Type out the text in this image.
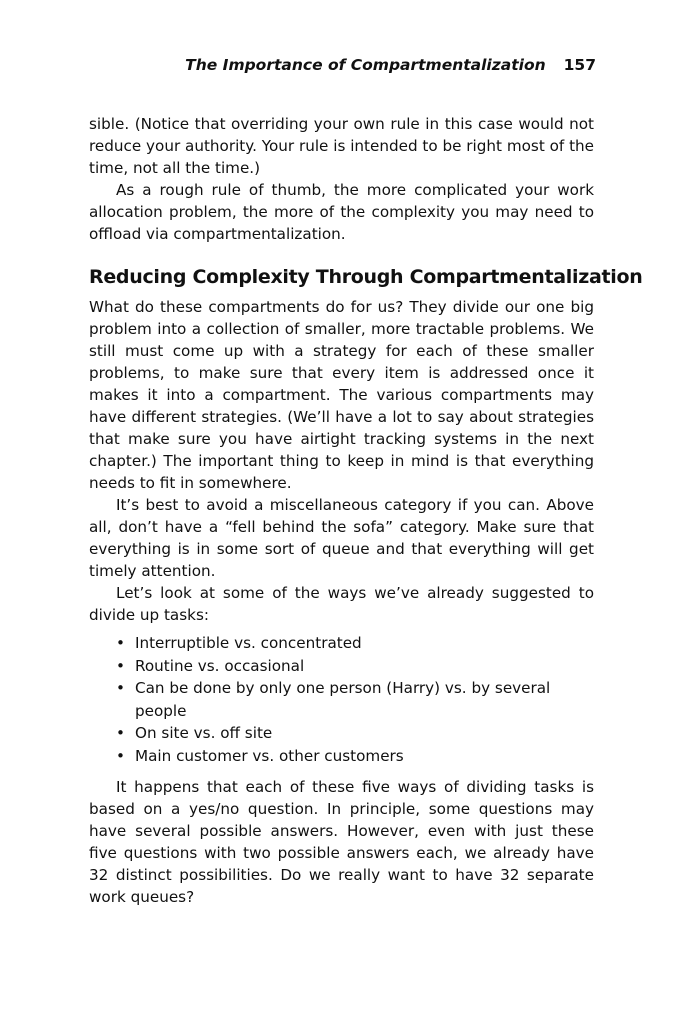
The Importance of Compartmentalization 157

sible. (Notice that overriding your own rule in this case would not reduce your authority. Your rule is intended to be right most of the time, not all the time.)

As a rough rule of thumb, the more complicated your work allocation problem, the more of the complexity you may need to offload via compartmentalization.

Reducing Complexity Through Compartmentalization

What do these compartments do for us? They divide our one big problem into a collection of smaller, more tractable problems. We still must come up with a strategy for each of these smaller problems, to make sure that every item is addressed once it makes it into a compartment. The various compartments may have different strategies. (We’ll have a lot to say about strategies that make sure you have airtight tracking systems in the next chapter.) The important thing to keep in mind is that everything needs to fit in somewhere.

It’s best to avoid a miscellaneous category if you can. Above all, don’t have a “fell behind the sofa” category. Make sure that everything is in some sort of queue and that everything will get timely attention.

Let’s look at some of the ways we’ve already suggested to divide up tasks:

• Interruptible vs. concentrated
• Routine vs. occasional
• Can be done by only one person (Harry) vs. by several people
• On site vs. off site
• Main customer vs. other customers

It happens that each of these five ways of dividing tasks is based on a yes/no question. In principle, some questions may have several possible answers. However, even with just these five questions with two possible answers each, we already have 32 distinct possibilities. Do we really want to have 32 separate work queues?
